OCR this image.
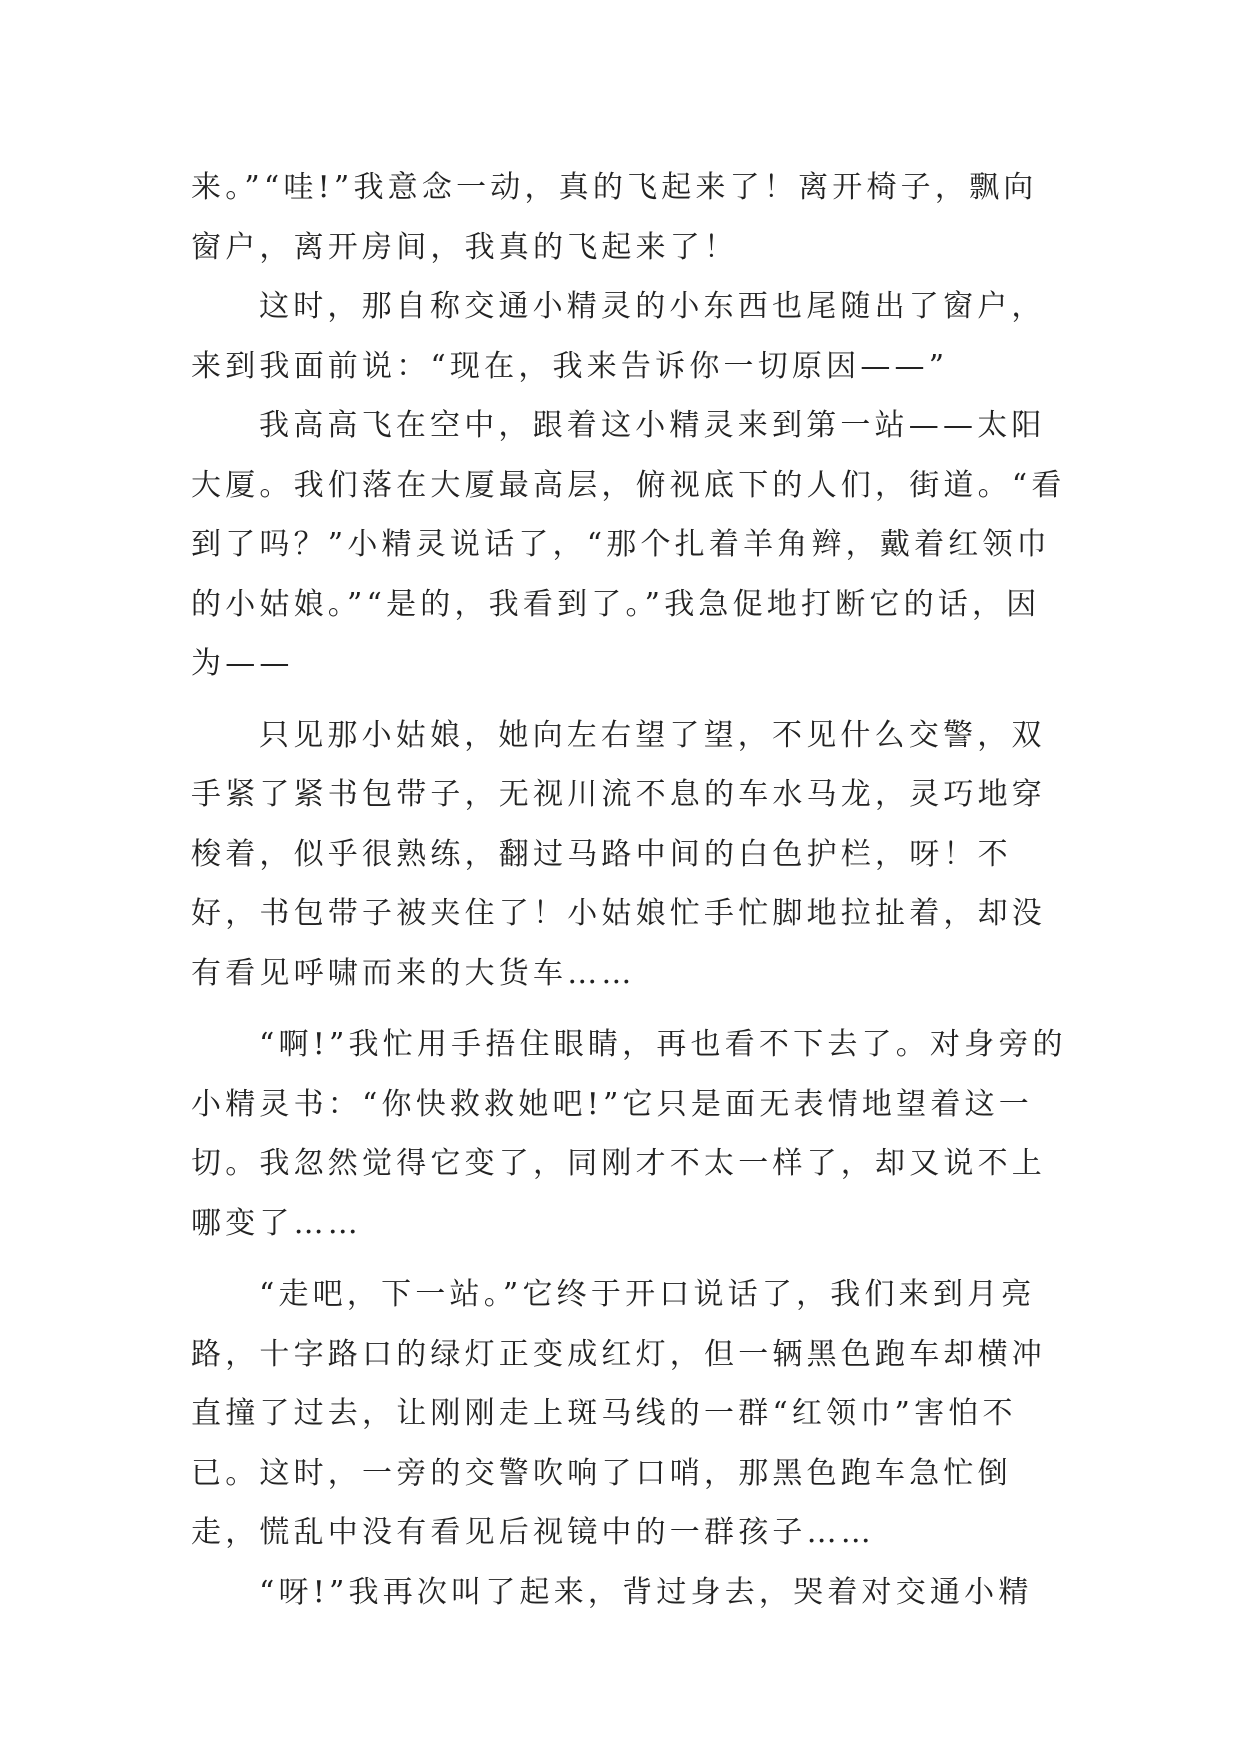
来。”“哇!”我意念一动，真的飞起来了！离开椅子，飘向窗户，离开房间，我真的飞起来了！

这时，那自称交通小精灵的小东西也尾随出了窗户，来到我面前说：“现在，我来告诉你一切原因——”

我高高飞在空中，跟着这小精灵来到第一站——太阳大厦。我们落在大厦最高层，俯视底下的人们，街道。“看到了吗？”小精灵说话了，“那个扎着羊角辫，戴着红领巾的小姑娘。”“是的，我看到了。”我急促地打断它的话，因为——

只见那小姑娘，她向左右望了望，不见什么交警，双手紧了紧书包带子，无视川流不息的车水马龙，灵巧地穿梭着，似乎很熟练，翻过马路中间的白色护栏，呀！不好，书包带子被夹住了！小姑娘忙手忙脚地拉扯着，却没有看见呼啸而来的大货车……

“啊!”我忙用手捂住眼睛，再也看不下去了。对身旁的小精灵书：“你快救救她吧!”它只是面无表情地望着这一切。我忽然觉得它变了，同刚才不太一样了，却又说不上哪变了……

“走吧，下一站。”它终于开口说话了，我们来到月亮路，十字路口的绿灯正变成红灯，但一辆黑色跑车却横冲直撞了过去，让刚刚走上斑马线的一群“红领巾”害怕不已。这时，一旁的交警吹响了口哨，那黑色跑车急忙倒走，慌乱中没有看见后视镜中的一群孩子……

“呀!”我再次叫了起来，背过身去，哭着对交通小精
